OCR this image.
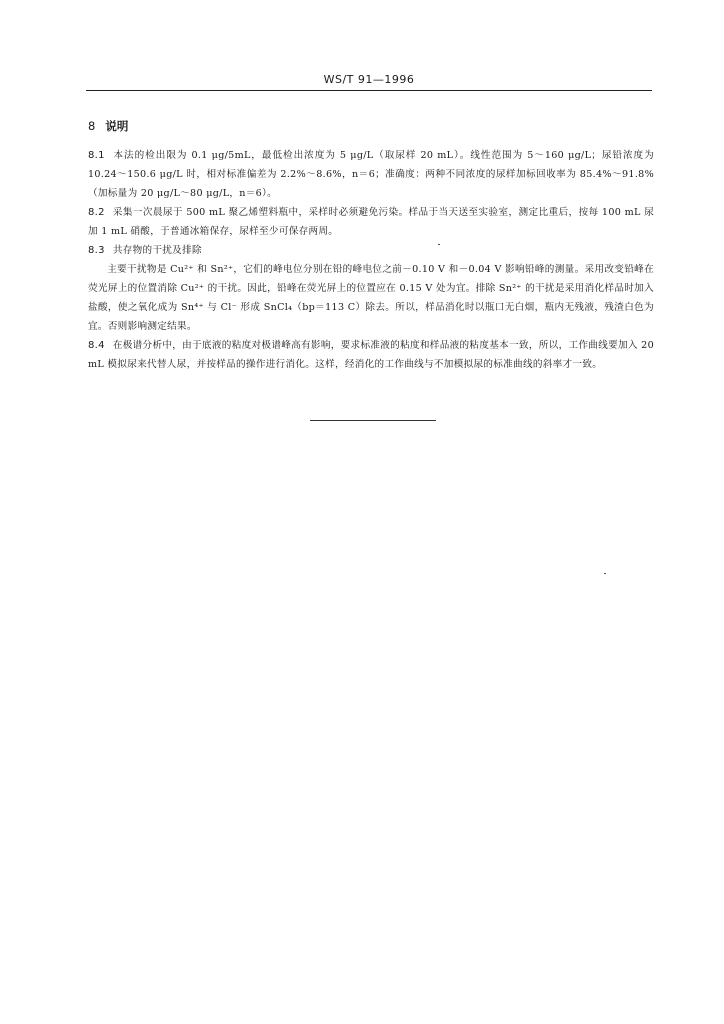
WS/T 91—1996
8 说明
8.1 本法的检出限为 0.1 μg/5mL，最低检出浓度为 5 μg/L（取尿样 20 mL）。线性范围为 5～160 μg/L；尿铅浓度为 10.24～150.6 μg/L 时，相对标准偏差为 2.2%～8.6%，n＝6；准确度：两种不同浓度的尿样加标回收率为 85.4%～91.8%（加标量为 20 μg/L～80 μg/L，n＝6）。
8.2 采集一次晨尿于 500 mL 聚乙烯塑料瓶中，采样时必须避免污染。样品于当天送至实验室，测定比重后，按每 100 mL 尿加 1 mL 硝酸，于普通冰箱保存，尿样至少可保存两周。
8.3 共存物的干扰及排除
主要干扰物是 Cu²⁺ 和 Sn²⁺，它们的峰电位分别在铅的峰电位之前－0.10 V 和－0.04 V 影响铅峰的测量。采用改变铅峰在荧光屏上的位置消除 Cu²⁺ 的干扰。因此，铅峰在荧光屏上的位置应在 0.15 V 处为宜。排除 Sn²⁺ 的干扰是采用消化样品时加入盐酸，使之氧化成为 Sn⁴⁺ 与 Cl⁻ 形成 SnCl₄（bp＝113 C）除去。所以，样品消化时以瓶口无白烟，瓶内无残液，残渣白色为宜。否则影响测定结果。
8.4 在极谱分析中，由于底液的粘度对极谱峰高有影响，要求标准液的粘度和样品液的粘度基本一致，所以，工作曲线要加入 20 mL 模拟尿来代替人尿，并按样品的操作进行消化。这样，经消化的工作曲线与不加模拟尿的标准曲线的斜率才一致。
